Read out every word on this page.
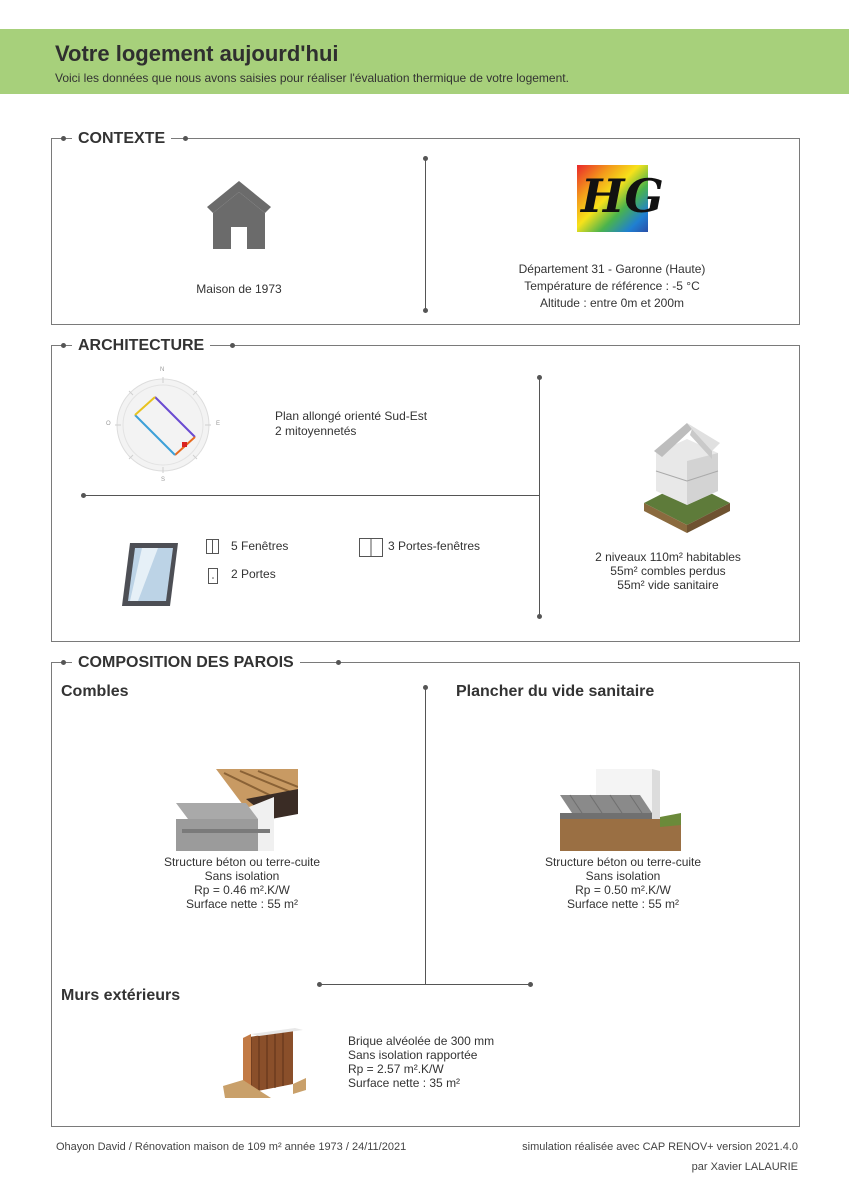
Votre logement aujourd'hui

Voici les données que nous avons saisies pour réaliser l'évaluation thermique de votre logement.

CONTEXTE
Maison de 1973
HG
Département 31 - Garonne (Haute)
Température de référence : -5 °C
Altitude : entre 0m et 200m
ARCHITECTURE
N
S
O	E
Plan allongé orienté Sud-Est
2 mitoyennetés
5 Fenêtres
2 Portes
3 Portes-fenêtres
2 niveaux 110m² habitables
55m² combles perdus
55m² vide sanitaire
COMPOSITION DES PAROIS
Combles
Structure béton ou terre-cuite
Sans isolation
Rp = 0.46 m².K/W
Surface nette : 55 m²
Plancher du vide sanitaire
Structure béton ou terre-cuite
Sans isolation
Rp = 0.50 m².K/W
Surface nette : 55 m²
Murs extérieurs
Brique alvéolée de 300 mm
Sans isolation rapportée
Rp = 2.57 m².K/W
Surface nette : 35 m²
Ohayon David / Rénovation maison de 109 m² année 1973 / 24/11/2021	simulation réalisée avec CAP RENOV+ version 2021.4.0
par Xavier LALAURIE
